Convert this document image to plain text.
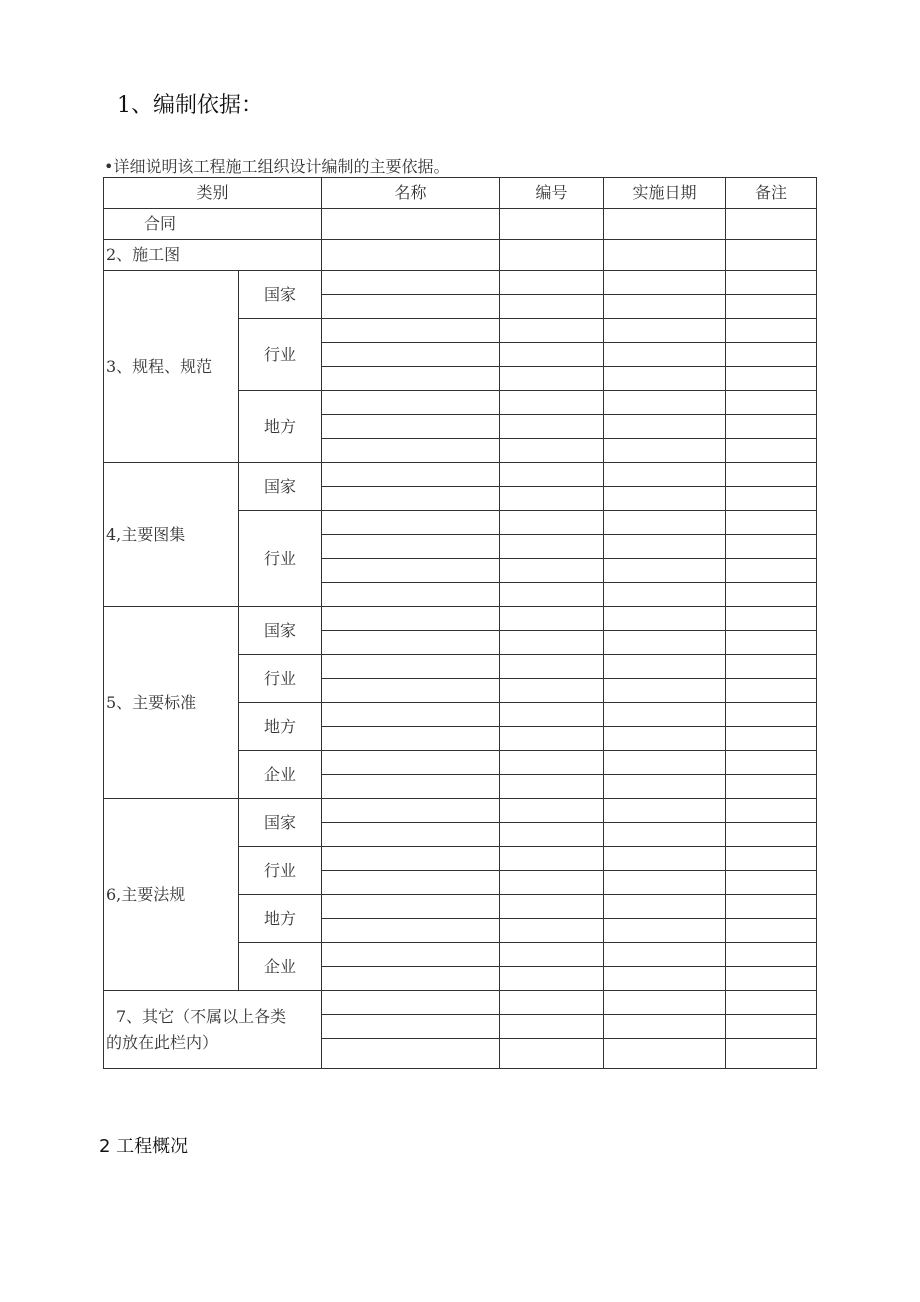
1、编制依据：
•详细说明该工程施工组织设计编制的主要依据。
类别		名称	编号	实施日期	备注
合同					
2、施工图					
3、规程、规范	国家				

	行业				

	地方				

4,主要图集	国家				

	行业				

5、主要标准	国家				

	行业				

	地方				

	企业				

6,主要法规	国家				

	行业				

	地方				

	企业				

7、其它（不属以上各类
的放在此栏内）					

2 工程概况
